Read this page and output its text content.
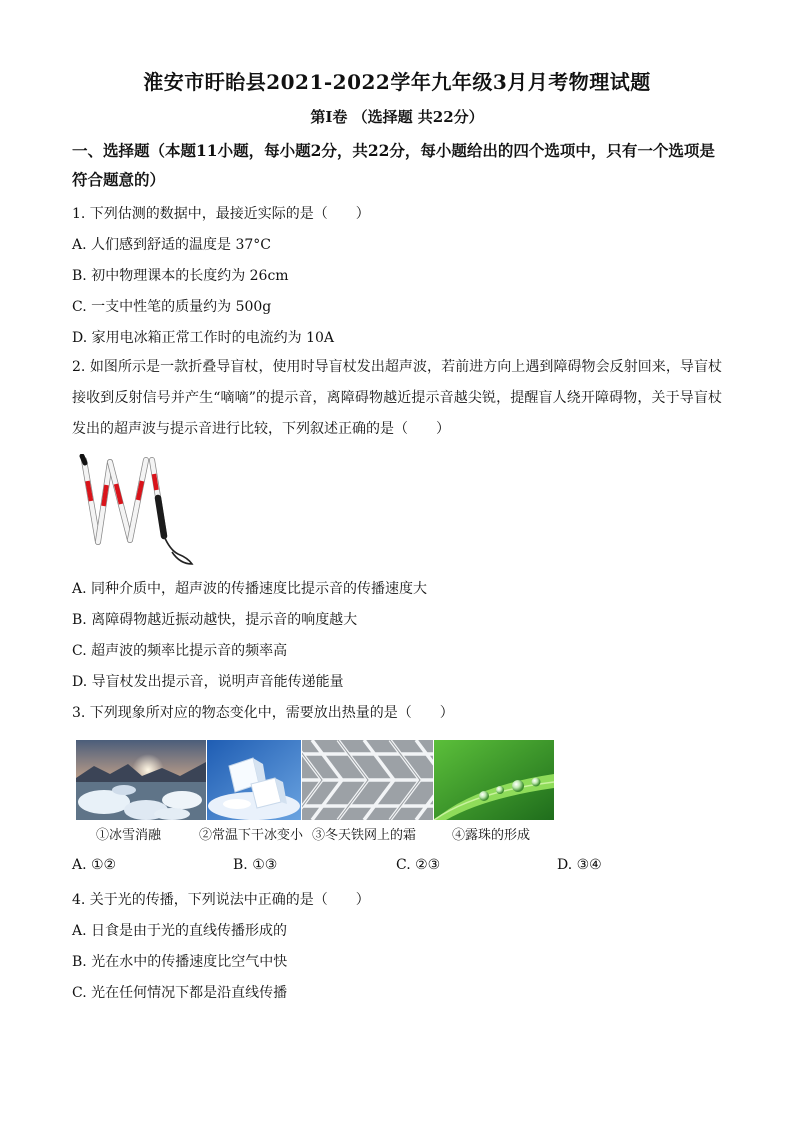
淮安市盱眙县2021-2022学年九年级3月月考物理试题
第Ⅰ卷 （选择题 共22分）
一、选择题（本题11小题，每小题2分，共22分，每小题给出的四个选项中，只有一个选项是符合题意的）
1. 下列估测的数据中，最接近实际的是（　　）
A. 人们感到舒适的温度是 37°C
B. 初中物理课本的长度约为 26cm
C. 一支中性笔的质量约为 500g
D. 家用电冰箱正常工作时的电流约为 10A
2. 如图所示是一款折叠导盲杖，使用时导盲杖发出超声波，若前进方向上遇到障碍物会反射回来，导盲杖接收到反射信号并产生“嘀嘀”的提示音，离障碍物越近提示音越尖锐，提醒盲人绕开障碍物，关于导盲杖发出的超声波与提示音进行比较，下列叙述正确的是（　　）
A. 同种介质中，超声波的传播速度比提示音的传播速度大
B. 离障碍物越近振动越快，提示音的响度越大
C. 超声波的频率比提示音的频率高
D. 导盲杖发出提示音，说明声音能传递能量
3. 下列现象所对应的物态变化中，需要放出热量的是（　　）
①冰雪消融	②常温下干冰变小 ③冬天铁网上的霜	④露珠的形成
A. ①②	B. ①③	C. ②③	D. ③④
4. 关于光的传播，下列说法中正确的是（　　）
A. 日食是由于光的直线传播形成的
B. 光在水中的传播速度比空气中快
C. 光在任何情况下都是沿直线传播
